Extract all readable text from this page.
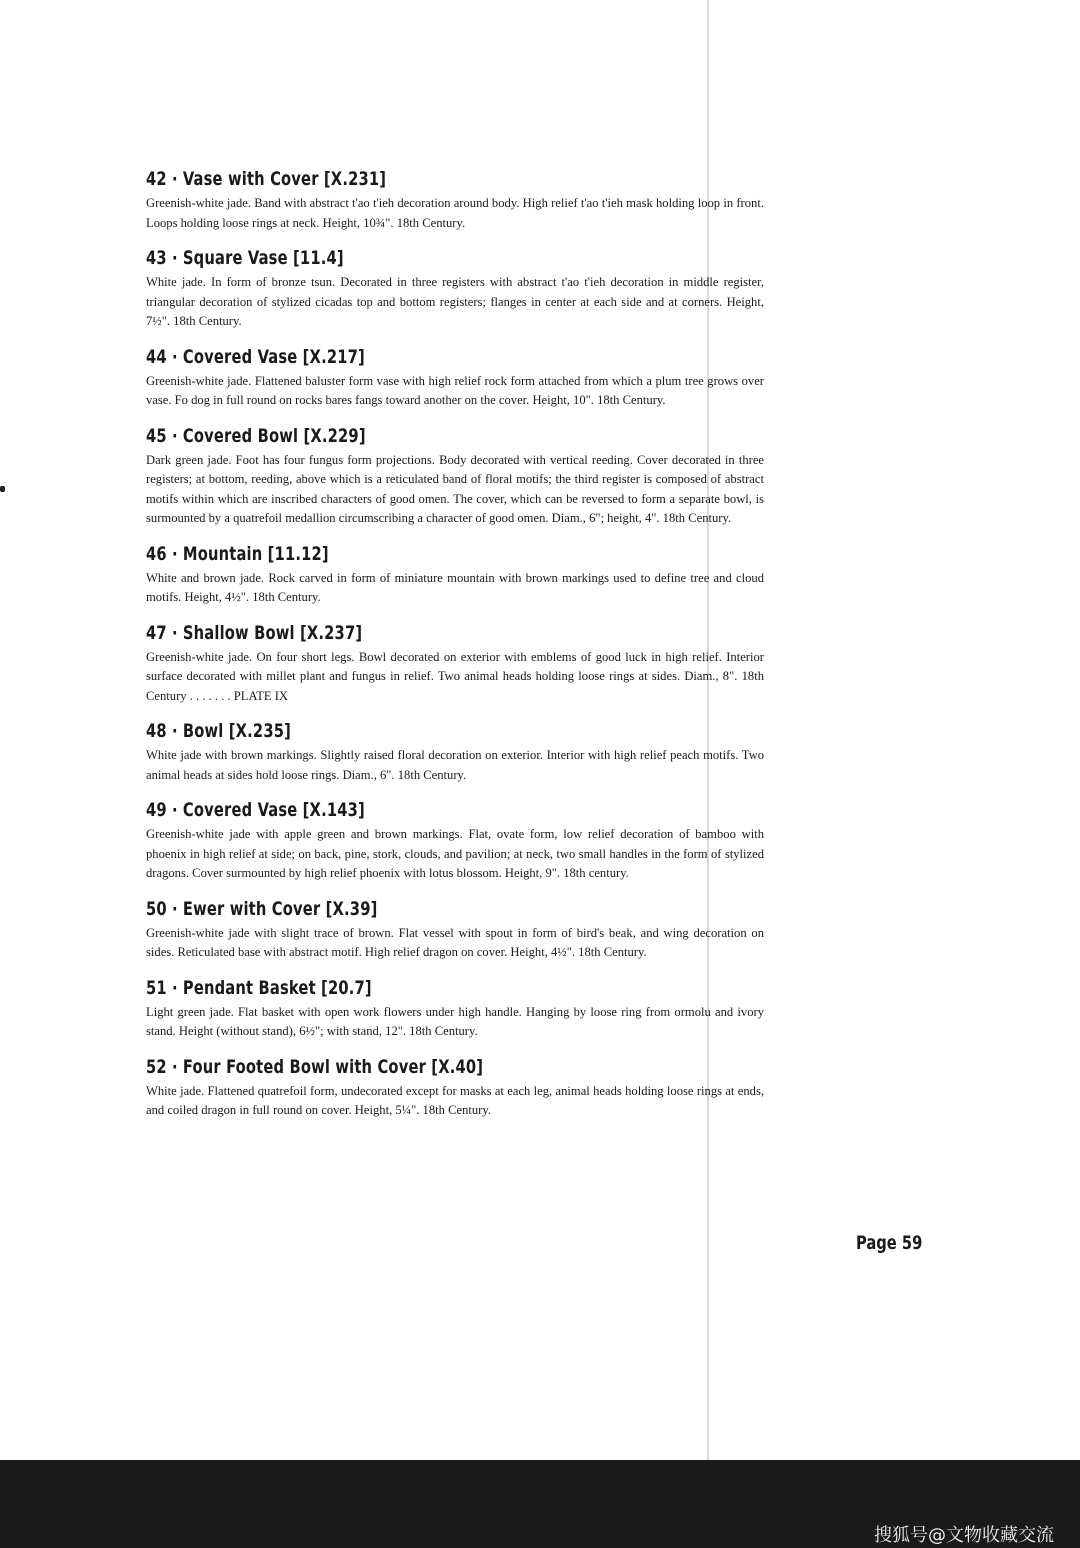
42 · Vase with Cover [X.231]
Greenish-white jade. Band with abstract t'ao t'ieh decoration around body. High relief t'ao t'ieh mask holding loop in front. Loops holding loose rings at neck. Height, 10¾". 18th Century.
43 · Square Vase [11.4]
White jade. In form of bronze tsun. Decorated in three registers with abstract t'ao t'ieh decoration in middle register, triangular decoration of stylized cicadas top and bottom registers; flanges in center at each side and at corners. Height, 7½". 18th Century.
44 · Covered Vase [X.217]
Greenish-white jade. Flattened baluster form vase with high relief rock form attached from which a plum tree grows over vase. Fo dog in full round on rocks bares fangs toward another on the cover. Height, 10". 18th Century.
45 · Covered Bowl [X.229]
Dark green jade. Foot has four fungus form projections. Body decorated with vertical reeding. Cover decorated in three registers; at bottom, reeding, above which is a reticulated band of floral motifs; the third register is composed of abstract motifs within which are inscribed characters of good omen. The cover, which can be reversed to form a separate bowl, is surmounted by a quatrefoil medallion circumscribing a character of good omen. Diam., 6"; height, 4". 18th Century.
46 · Mountain [11.12]
White and brown jade. Rock carved in form of miniature mountain with brown markings used to define tree and cloud motifs. Height, 4½". 18th Century.
47 · Shallow Bowl [X.237]
Greenish-white jade. On four short legs. Bowl decorated on exterior with emblems of good luck in high relief. Interior surface decorated with millet plant and fungus in relief. Two animal heads holding loose rings at sides. Diam., 8". 18th Century . . . . . . . PLATE IX
48 · Bowl [X.235]
White jade with brown markings. Slightly raised floral decoration on exterior. Interior with high relief peach motifs. Two animal heads at sides hold loose rings. Diam., 6". 18th Century.
49 · Covered Vase [X.143]
Greenish-white jade with apple green and brown markings. Flat, ovate form, low relief decoration of bamboo with phoenix in high relief at side; on back, pine, stork, clouds, and pavilion; at neck, two small handles in the form of stylized dragons. Cover surmounted by high relief phoenix with lotus blossom. Height, 9". 18th century.
50 · Ewer with Cover [X.39]
Greenish-white jade with slight trace of brown. Flat vessel with spout in form of bird's beak, and wing decoration on sides. Reticulated base with abstract motif. High relief dragon on cover. Height, 4½". 18th Century.
51 · Pendant Basket [20.7]
Light green jade. Flat basket with open work flowers under high handle. Hanging by loose ring from ormolu and ivory stand. Height (without stand), 6½"; with stand, 12". 18th Century.
52 · Four Footed Bowl with Cover [X.40]
White jade. Flattened quatrefoil form, undecorated except for masks at each leg, animal heads holding loose rings at ends, and coiled dragon in full round on cover. Height, 5¼". 18th Century.
Page 59
搜狐号@文物收藏交流
